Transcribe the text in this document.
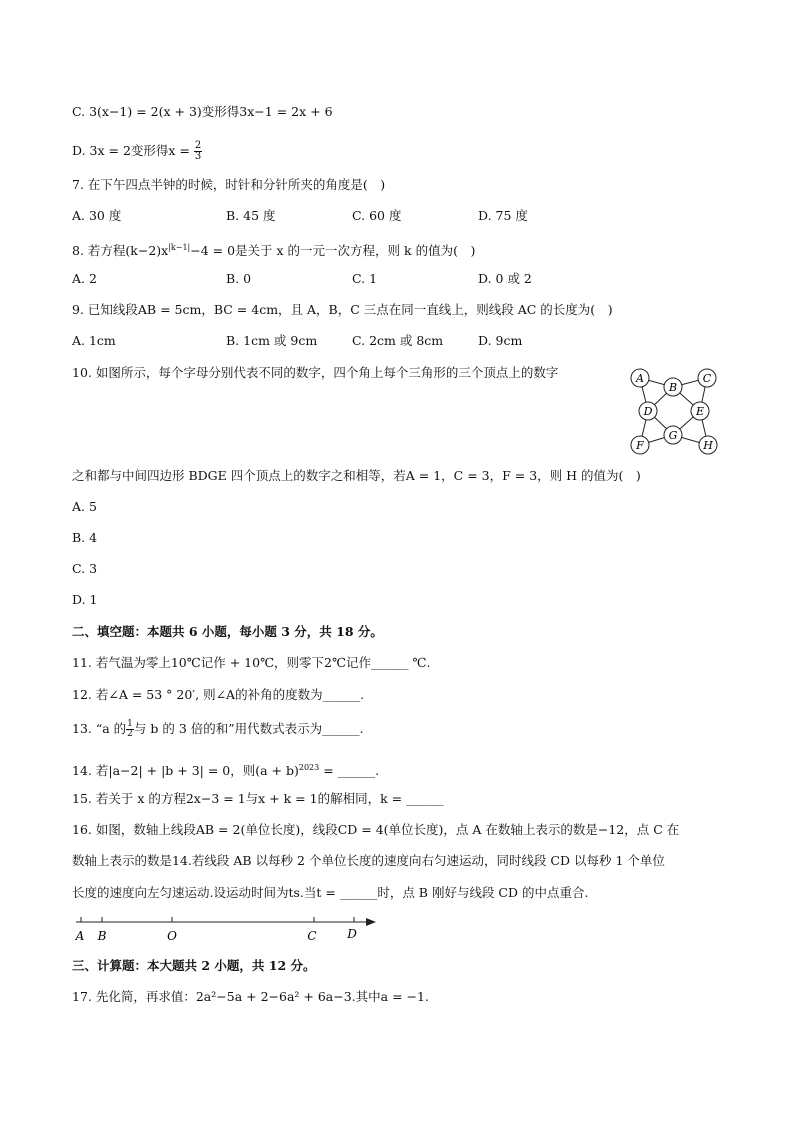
C. 3(x−1) = 2(x + 3)变形得3x−1 = 2x + 6
D. 3x = 2变形得$x = \frac{2}{3}$
7. 在下午四点半钟的时候，时针和分针所夹的角度是(　)
A. 30 度	B. 45 度	C. 60 度	D. 75 度
8. 若方程$(k-2)x^{|k-1|}-4 = 0$是关于 x 的一元一次方程，则 k 的值为(　)
A. 2	B. 0	C. 1	D. 0 或 2
9. 已知线段AB = 5cm，BC = 4cm，且 A，B，C 三点在同一直线上，则线段 AC 的长度为(　)
A. 1cm	B. 1cm 或 9cm	C. 2cm 或 8cm	D. 9cm
10. 如图所示，每个字母分别代表不同的数字，四个角上每个三角形的三个顶点上的数字	A
B
C
D	E
F
G
H
之和都与中间四边形 BDGE 四个顶点上的数字之和相等，若A = 1，C = 3，F = 3，则 H 的值为(　)
A. 5
B. 4
C. 3
D. 1
二、填空题：本题共 6 小题，每小题 3 分，共 18 分。
11. 若气温为零上10℃记作 + 10℃，则零下2℃记作______ ℃.
12. 若∠A = 53 ° 20′, 则∠A的补角的度数为______.
13. “a 的 $\frac{1}{2}$ 与 b 的 3 倍的和”用代数式表示为______.
14. 若|a−2| + |b + 3| = 0，则$(a + b)^{2023}$ = ______.
15. 若关于 x 的方程2x−3 = 1与x + k = 1的解相同，k = ______
16. 如图，数轴上线段AB = 2(单位长度)，线段CD = 4(单位长度)，点 A 在数轴上表示的数是−12，点 C 在
数轴上表示的数是14.若线段 AB 以每秒 2 个单位长度的速度向右匀速运动，同时线段 CD 以每秒 1 个单位
长度的速度向左匀速运动.设运动时间为ts.当t = ______时，点 B 刚好与线段 CD 的中点重合.
A B	O	C	D
三、计算题：本大题共 2 小题，共 12 分。
17. 先化简，再求值：2a²−5a + 2−6a² + 6a−3.其中a = −1.
